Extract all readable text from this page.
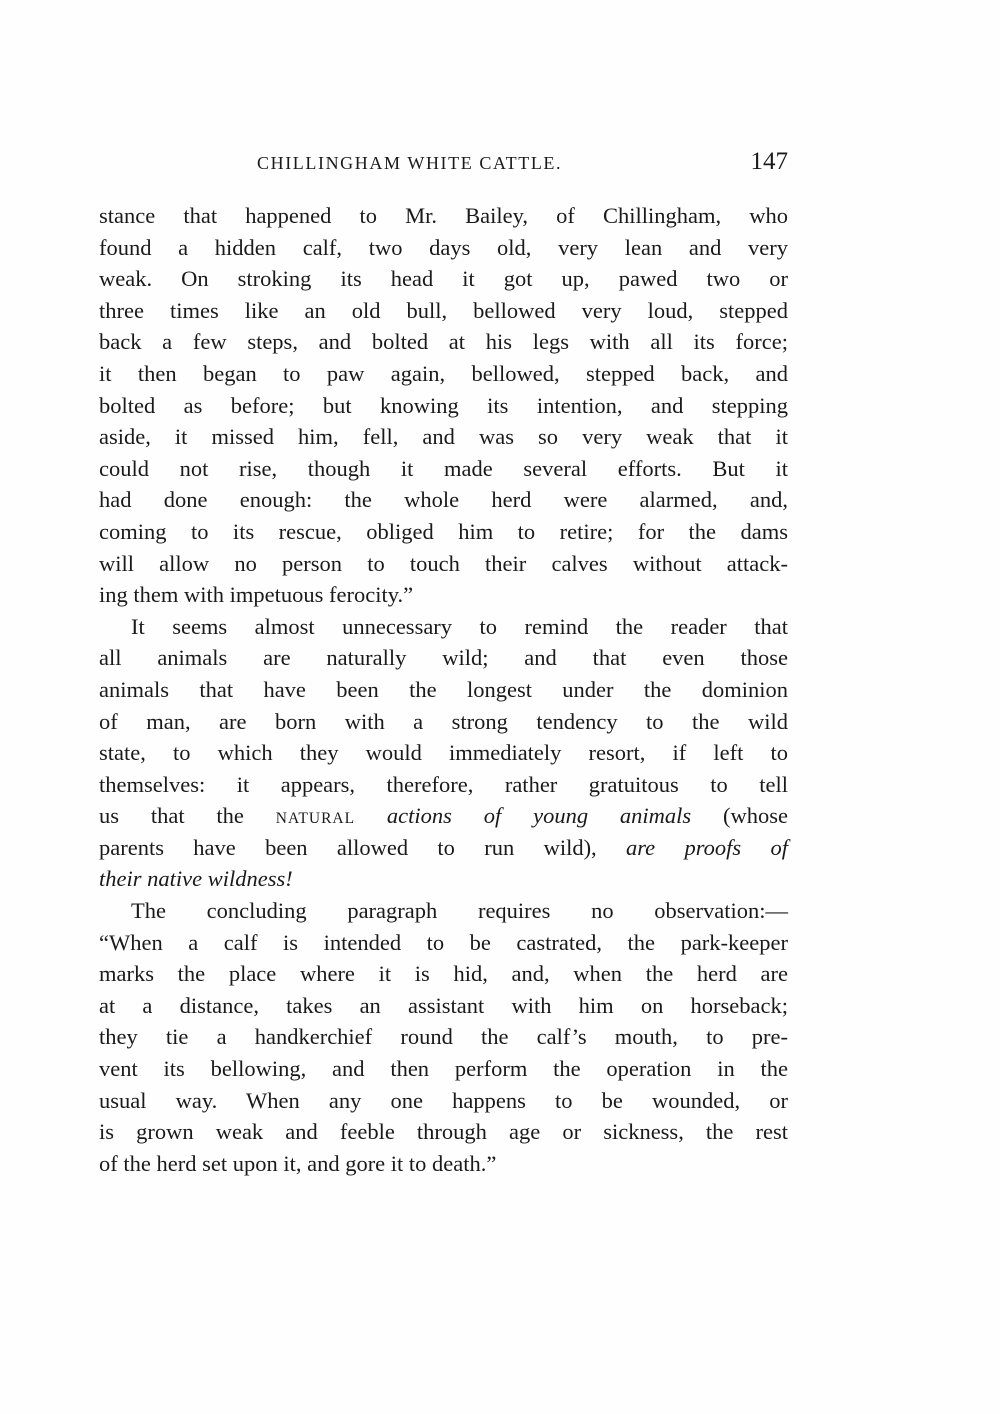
CHILLINGHAM WHITE CATTLE.	147
stance that happened to Mr. Bailey, of Chillingham, who
found a hidden calf, two days old, very lean and very
weak. On stroking its head it got up, pawed two or
three times like an old bull, bellowed very loud, stepped
back a few steps, and bolted at his legs with all its force;
it then began to paw again, bellowed, stepped back, and
bolted as before; but knowing its intention, and stepping
aside, it missed him, fell, and was so very weak that it
could not rise, though it made several efforts. But it
had done enough: the whole herd were alarmed, and,
coming to its rescue, obliged him to retire; for the dams
will allow no person to touch their calves without attack-
ing them with impetuous ferocity.”
It seems almost unnecessary to remind the reader that
all animals are naturally wild; and that even those
animals that have been the longest under the dominion
of man, are born with a strong tendency to the wild
state, to which they would immediately resort, if left to
themselves: it appears, therefore, rather gratuitous to tell
us that the NATURAL actions of young animals (whose
parents have been allowed to run wild), are proofs of
their native wildness!
The concluding paragraph requires no observation:—
“When a calf is intended to be castrated, the park-keeper
marks the place where it is hid, and, when the herd are
at a distance, takes an assistant with him on horseback;
they tie a handkerchief round the calf’s mouth, to pre-
vent its bellowing, and then perform the operation in the
usual way. When any one happens to be wounded, or
is grown weak and feeble through age or sickness, the rest
of the herd set upon it, and gore it to death.”
